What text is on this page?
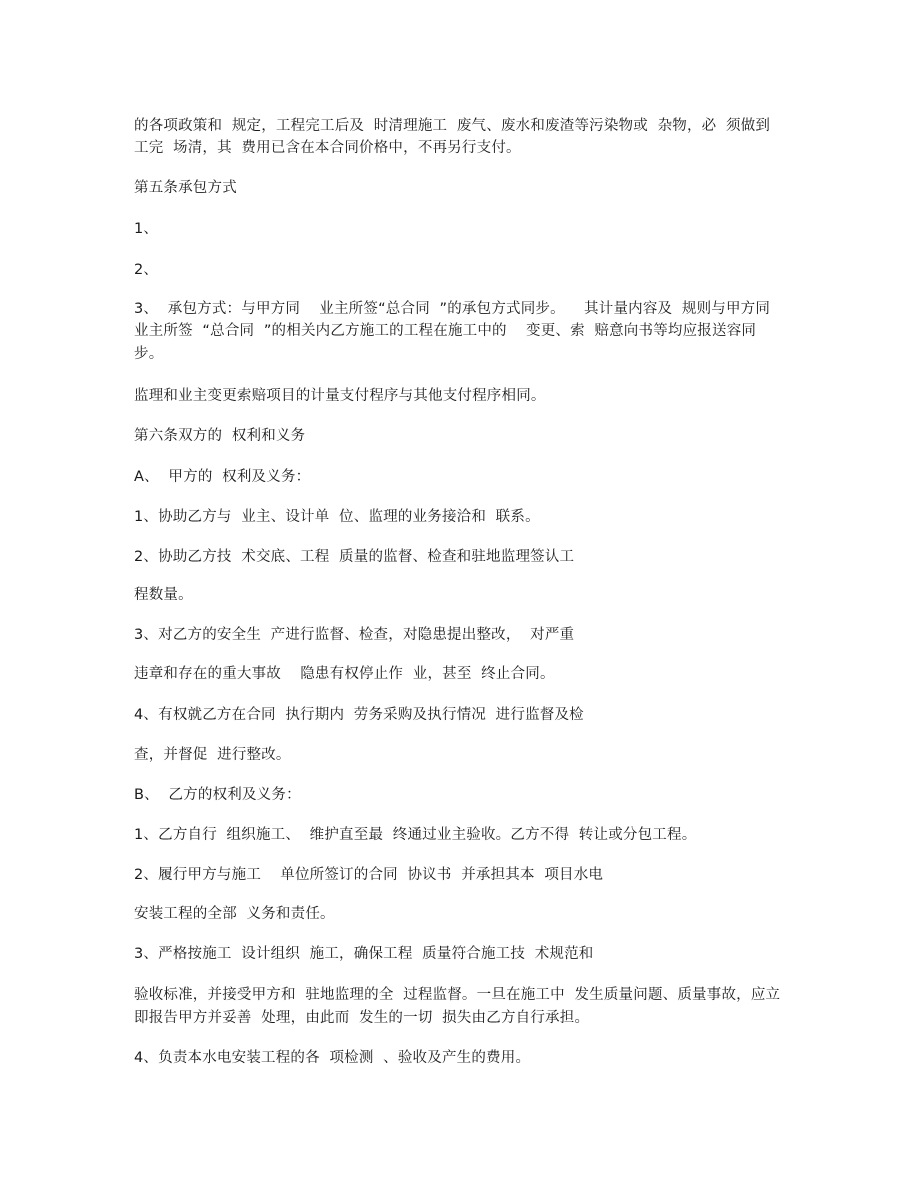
的各项政策和  规定，工程完工后及  时清理施工  废气、废水和废渣等污染物或  杂物，必  须做到
工完  场清，其  费用已含在本合同价格中，不再另行支付。
第五条承包方式
1、
2、
3、  承包方式：与甲方同    业主所签“总合同  ”的承包方式同步。    其计量内容及  规则与甲方同
业主所签  “总合同  ”的相关内乙方施工的工程在施工中的    变更、索  赔意向书等均应报送容同
步。
监理和业主变更索赔项目的计量支付程序与其他支付程序相同。
第六条双方的  权利和义务
A、  甲方的  权利及义务：
1、协助乙方与  业主、设计单  位、监理的业务接洽和  联系。
2、协助乙方技  术交底、工程  质量的监督、检查和驻地监理签认工
程数量。
3、对乙方的安全生  产进行监督、检查，对隐患提出整改，  对严重
违章和存在的重大事故    隐患有权停止作  业，甚至  终止合同。
4、有权就乙方在合同  执行期内  劳务采购及执行情况  进行监督及检
查，并督促  进行整改。
B、  乙方的权利及义务：
1、乙方自行  组织施工、  维护直至最  终通过业主验收。乙方不得  转让或分包工程。
2、履行甲方与施工    单位所签订的合同  协议书  并承担其本  项目水电
安装工程的全部  义务和责任。
3、严格按施工  设计组织  施工，确保工程  质量符合施工技  术规范和
验收标准，并接受甲方和  驻地监理的全  过程监督。一旦在施工中  发生质量问题、质量事故，应立
即报告甲方并妥善  处理，由此而  发生的一切  损失由乙方自行承担。
4、负责本水电安装工程的各  项检测  、验收及产生的费用。
